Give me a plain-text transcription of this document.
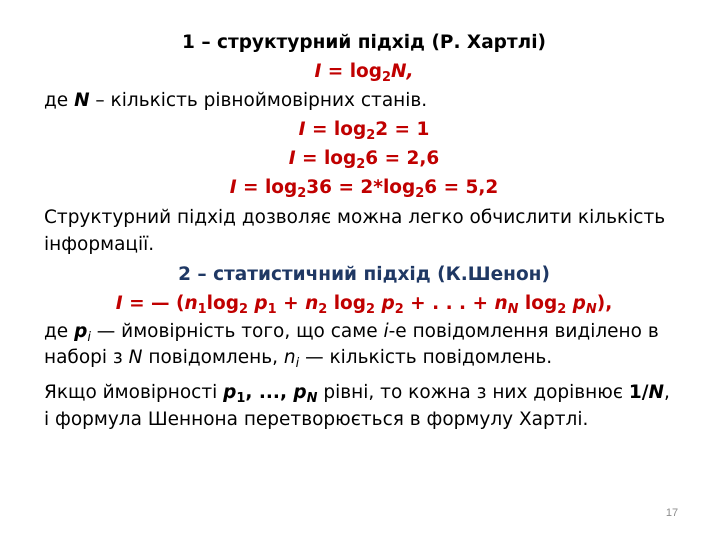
1 – структурний підхід (Р. Хартлі)
$I = \log_2N$,
де N – кількість рівноймовірних станів.
$I = \log_22 = 1$
$I = \log_26 = 2,6$
$I = \log_236 = 2*\log_26 = 5,2$
Структурний підхід дозволяє можна легко обчислити кількість
інформації.
2 – статистичний підхід (К.Шенон)
I = — ($n_1\log_2$ $p_1 + n_2$ $\log_2 p_2$ + . . . + $n_N$ $\log_2 p_N$),
де $p_i$ — ймовірність того, що саме i-е повідомлення виділено в
наборі з N повідомлень, $n_i$ — кількість повідомлень.
Якщо ймовірності $p_1$, ..., $p_N$ рівні, то кожна з них дорівнює 1/N,
і формула Шеннона перетворюється в формулу Хартлі.
17
